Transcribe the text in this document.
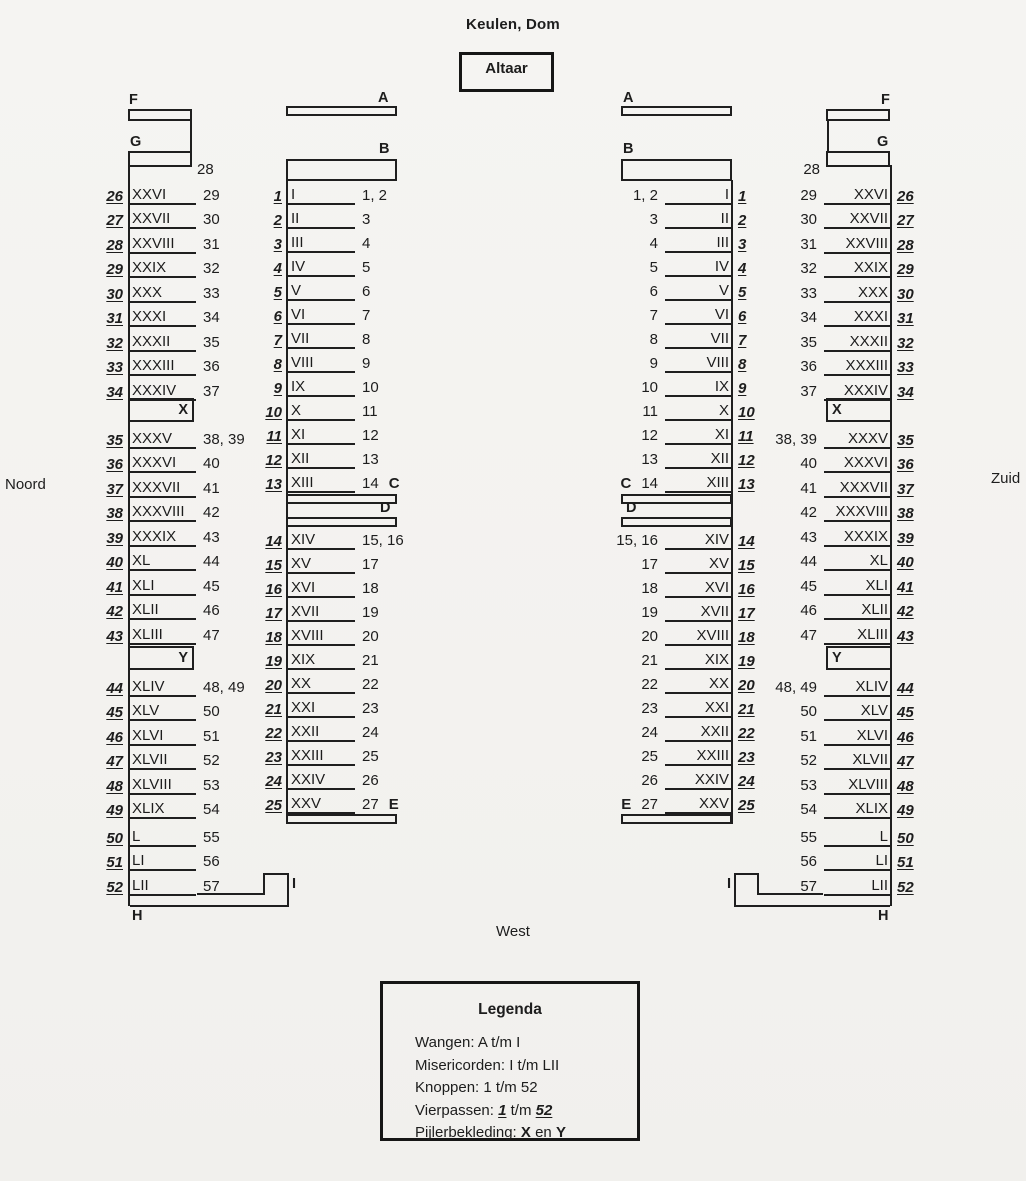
Keulen, Dom
Altaar
Noord	Zuid
West
X
Y
X
Y
F
G
A
B
D
A
B
D
F
G
I	I
H	H
28	28
26 XXVI	29
27 XXVII	30
28 XXVIII	31
29 XXIX	32
30 XXX	33
31 XXXI	34
32 XXXII	35
33 XXXIII	36
34 XXXIV	37
35 XXXV	38, 39
36 XXXVI	40
37 XXXVII	41
38 XXXVIII	42
39 XXXIX	43
40 XL	44
41 XLI	45
42 XLII	46
43 XLIII	47
44 XLIV	48, 49
45 XLV	50
46 XLVI	51
47 XLVII	52
48 XLVIII	53
49 XLIX	54
50 L	55
51 LI	56
52 LII	57
1 I	1, 2
2 II	3
3 III	4
4 IV	5
5 V	6
6 VI	7
7 VII	8
8 VIII	9
9 IX	10
10 X	11
11 XI	12
12 XII	13
13 XIII	14 C
14 XIV	15, 16
15 XV	17
16 XVI	18
17 XVII	19
18 XVIII	20
19 XIX	21
20 XX	22
21 XXI	23
22 XXII	24
23 XXIII	25
24 XXIV	26
25 XXV	27 E
1, 2	I 1
3	II 2
4	III 3
5	IV 4
6	V 5
7	VI 6
8	VII 7
9	VIII 8
10	IX 9
11	X 10
12	XI 11
13	XII 12
C 14	XIII 13
15, 16	XIV 14
17	XV 15
18	XVI 16
19	XVII 17
20	XVIII 18
21	XIX 19
22	XX 20
23	XXI 21
24	XXII 22
25	XXIII 23
26	XXIV 24
E 27	XXV 25
29	XXVI 26
30	XXVII 27
31	XXVIII 28
32	XXIX 29
33	XXX 30
34	XXXI 31
35	XXXII 32
36	XXXIII 33
37	XXXIV 34
38, 39	XXXV 35
40	XXXVI 36
41	XXXVII 37
42	XXXVIII 38
43	XXXIX 39
44	XL 40
45	XLI 41
46	XLII 42
47	XLIII 43
48, 49	XLIV 44
50	XLV 45
51	XLVI 46
52	XLVII 47
53	XLVIII 48
54	XLIX 49
55	L 50
56	LI 51
57	LII 52
Legenda
Wangen: A t/m I
Misericorden: I t/m LII
Knoppen: 1 t/m 52
Vierpassen: 1 t/m 52
Pijlerbekleding: X en Y
